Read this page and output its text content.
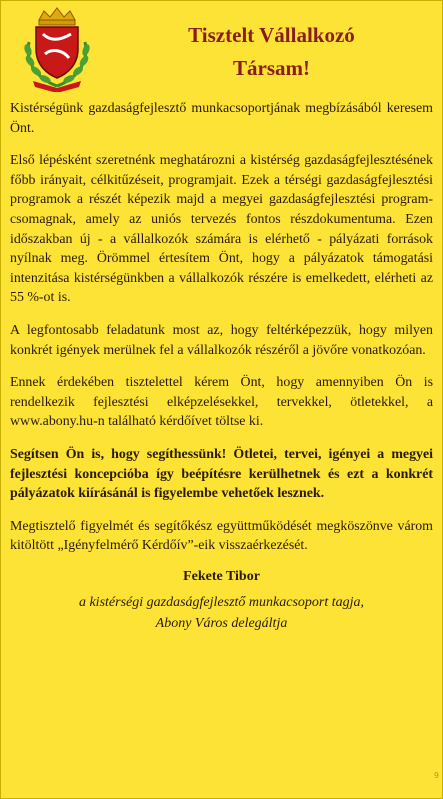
Tisztelt Vállalkozó
Társam!

Kistérségünk gazdaságfejlesztő munkacsoportjának megbízásából keresem Önt.

Első lépésként szeretnénk meghatározni a kistérség gazdaságfejlesztésének főbb irányait, célkitűzéseit, programjait. Ezek a térségi gazdaságfejlesztési programok a részét képezik majd a megyei gazdaságfejlesztési program-csomagnak, amely az uniós tervezés fontos részdokumentuma. Ezen időszakban új - a vállalkozók számára is elérhető - pályázati források nyílnak meg. Örömmel értesítem Önt, hogy a pályázatok támogatási intenzitása kistérségünkben a vállalkozók részére is emelkedett, elérheti az 55 %-ot is.

A legfontosabb feladatunk most az, hogy feltérképezzük, hogy milyen konkrét igények merülnek fel a vállalkozók részéről a jövőre vonatkozóan.

Ennek érdekében tisztelettel kérem Önt, hogy amennyiben Ön is rendelkezik fejlesztési elképzelésekkel, tervekkel, ötletekkel, a www.abony.hu-n található kérdőívet töltse ki.

Segítsen Ön is, hogy segíthessünk! Ötletei, tervei, igényei a megyei fejlesztési koncepcióba így beépítésre kerülhetnek és ezt a konkrét pályázatok kiírásánál is figyelembe vehetőek lesznek.

Megtisztelő figyelmét és segítőkész együttműködését megköszönve várom kitöltött „Igényfelmérő Kérdőív”-eik visszaérkezését.

Fekete Tibor
a kistérségi gazdaságfejlesztő munkacsoport tagja,
Abony Város delegáltja
9
